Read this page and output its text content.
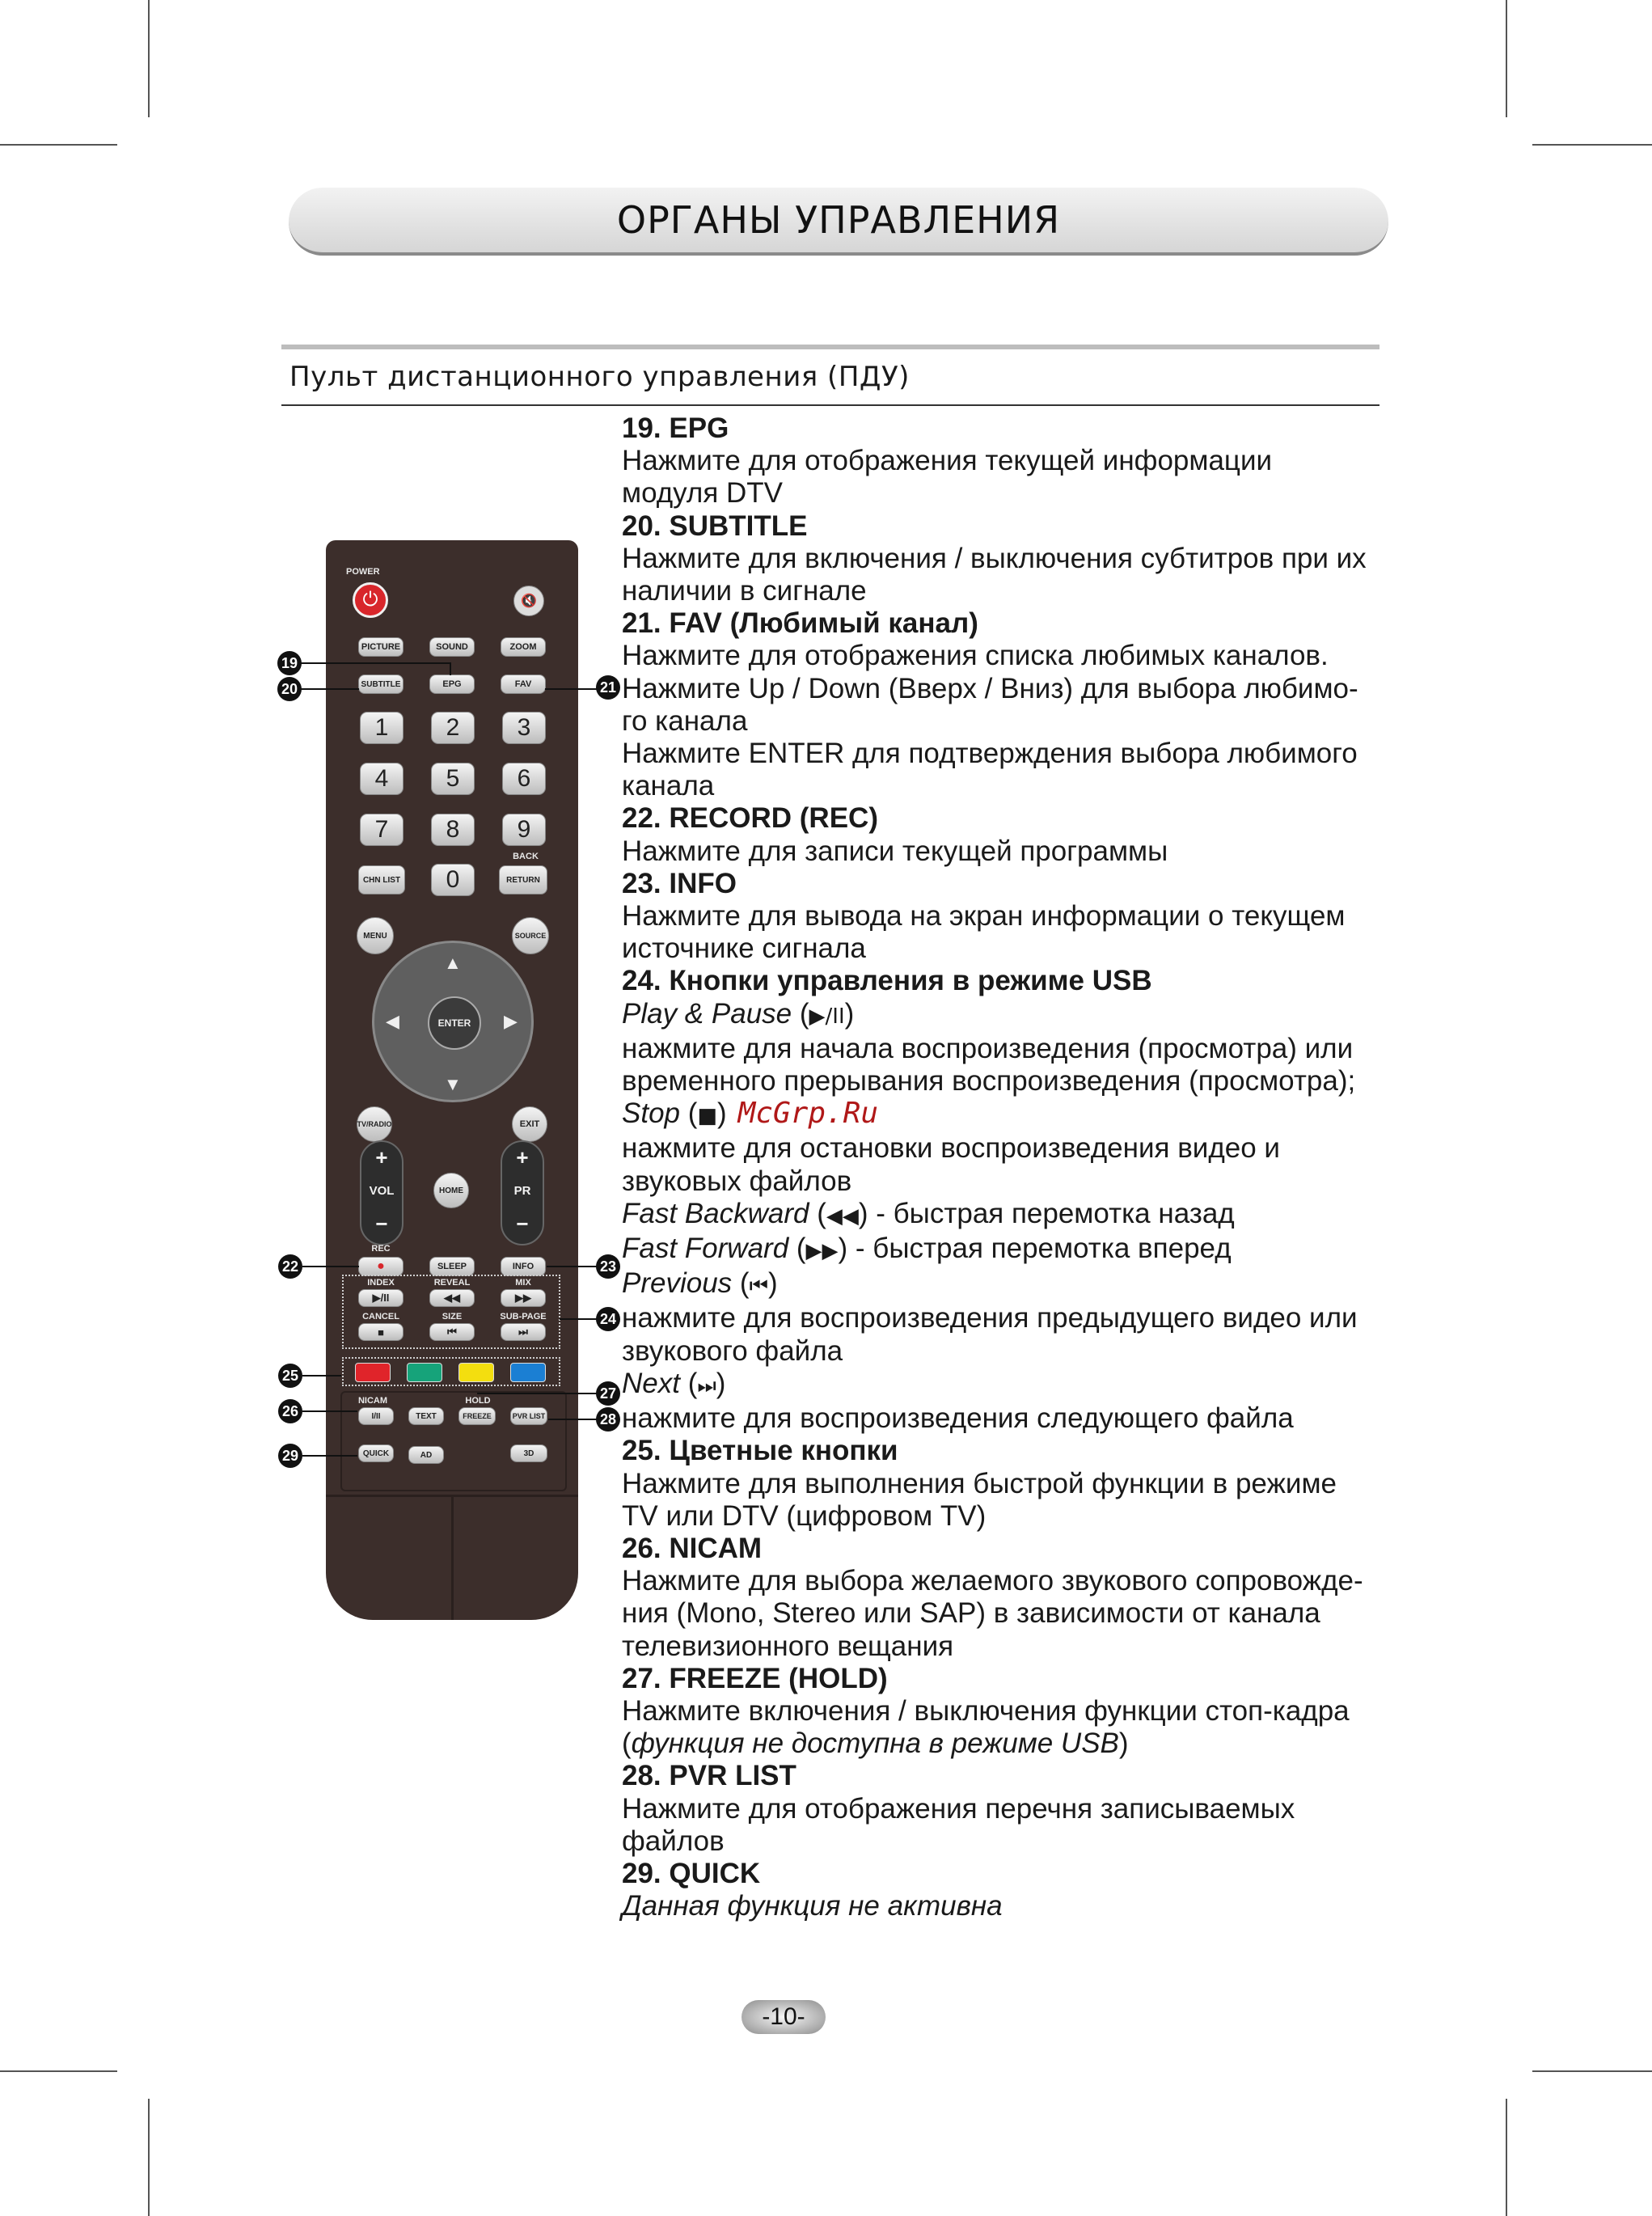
ОРГАНЫ УПРАВЛЕНИЯ
Пульт дистанционного управления (ПДУ)
19. EPG
Нажмите для отображения текущей информации
модуля DTV
20. SUBTITLE
Нажмите для включения / выключения субтитров при их
наличии в сигнале
21. FAV (Любимый канал)
Нажмите для отображения списка любимых каналов.
Нажмите Up / Down (Вверх / Вниз) для выбора любимо-
го канала
Нажмите ENTER для подтверждения выбора любимого
канала
22. RECORD (REC)
Нажмите для записи текущей программы
23. INFO
Нажмите для вывода на экран информации о текущем
источнике сигнала
24. Кнопки управления в режиме USB
Play & Pause (▶/II)
нажмите для начала воспроизведения (просмотра) или
временного прерывания воспроизведения (просмотра);
Stop (■) McGrp.Ru
нажмите для остановки воспроизведения видео и
звуковых файлов
Fast Backward (◀◀) - быстрая перемотка назад
Fast Forward (▶▶) - быстрая перемотка вперед
Previous (⏮)
нажмите для воспроизведения предыдущего видео или
звукового файла
Next (⏭)
нажмите для воспроизведения следующего файла
25. Цветные кнопки
Нажмите для выполнения быстрой функции в режиме
TV или DTV (цифровом TV)
26. NICAM
Нажмите для выбора желаемого звукового сопровожде-
ния (Mono, Stereo или SAP) в зависимости от канала
телевизионного вещания
27. FREEZE (HOLD)
Нажмите включения / выключения функции стоп-кадра
(функция не доступна в режиме USB)
28. PVR LIST
Нажмите для отображения перечня записываемых
файлов
29. QUICK
Данная функция не активна
POWER
⏻	🔇
PICTURE	SOUND	ZOOM
SUBTITLE	EPG	FAV
1	2	3
4	5	6
7	8	9
BACK
CHN LIST	0	RETURN
MENU	SOURCE
▲
▼
◀	▶
ENTER
TV/RADIO	EXIT
+
VOL
−
HOME
+
PR
−
REC
●	SLEEP	INFO
INDEX	REVEAL	MIX
▶/II	◀◀	▶▶
CANCEL	SIZE	SUB-PAGE
■	⏮	⏭
NICAM	HOLD
I/II	TEXT	FREEZE	PVR LIST
QUICK	AD	3D
19
20	21
22	23
24
25
26
27
28
29
-10-
